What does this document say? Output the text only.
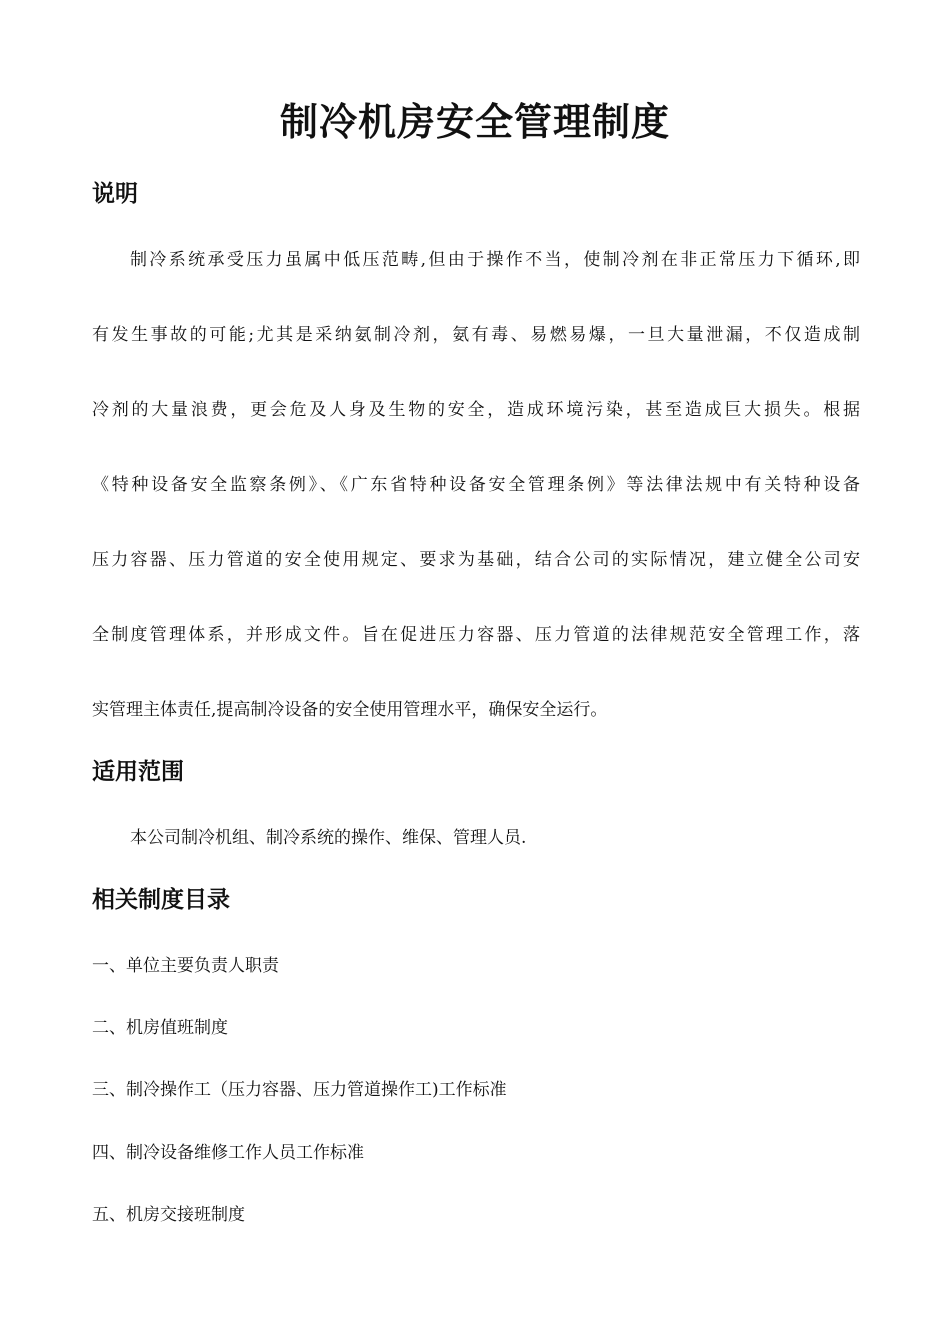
制冷机房安全管理制度
说明

制冷系统承受压力虽属中低压范畴,但由于操作不当，使制冷剂在非正常压力下循环,即

有发生事故的可能;尤其是采纳氨制冷剂，氨有毒、易燃易爆，一旦大量泄漏，不仅造成制

冷剂的大量浪费，更会危及人身及生物的安全，造成环境污染，甚至造成巨大损失。根据

《特种设备安全监察条例》、《广东省特种设备安全管理条例》等法律法规中有关特种设备

压力容器、压力管道的安全使用规定、要求为基础，结合公司的实际情况，建立健全公司安

全制度管理体系，并形成文件。旨在促进压力容器、压力管道的法律规范安全管理工作，落

实管理主体责任,提高制冷设备的安全使用管理水平，确保安全运行。

适用范围

本公司制冷机组、制冷系统的操作、维保、管理人员.

相关制度目录

一、单位主要负责人职责

二、机房值班制度

三、制冷操作工（压力容器、压力管道操作工)工作标准

四、制冷设备维修工作人员工作标准

五、机房交接班制度
